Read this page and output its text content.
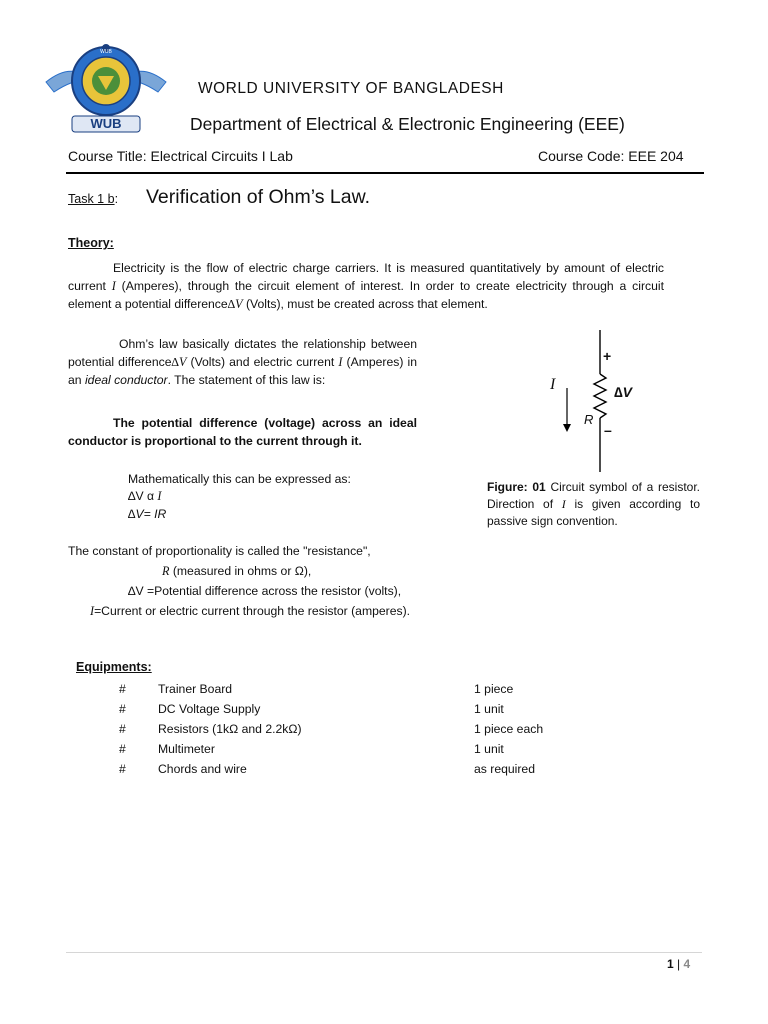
WUB
WUB
WORLD UNIVERSITY OF BANGLADESH
Department of Electrical & Electronic Engineering (EEE)
Course Title: Electrical Circuits I Lab	Course Code: EEE 204
Task 1 b: Verification of Ohm’s Law.
Theory:
Electricity is the flow of electric charge carriers. It is measured quantitatively by amount of electric current I (Amperes), through the circuit element of interest. In order to create electricity through a circuit element a potential difference∆V (Volts), must be created across that element.
Ohm’s law basically dictates the relationship between potential difference∆V (Volts) and electric current I (Amperes) in an ideal conductor. The statement of this law is:
The potential difference (voltage) across an ideal conductor is proportional to the current through it.
Mathematically this can be expressed as:
∆V α I
∆V= IR
The constant of proportionality is called the "resistance",
R (measured in ohms or Ω),
∆V =Potential difference across the resistor (volts),
I=Current or electric current through the resistor (amperes).
I
R
∆V
+
–
Figure: 01 Circuit symbol of a resistor. Direction of I is given according to passive sign convention.
Equipments:
#	Trainer Board	1 piece
#	DC Voltage Supply	1 unit
#	Resistors (1kΩ and 2.2kΩ)	1 piece each
#	Multimeter	1 unit
#	Chords and wire	as required
1 | 4
